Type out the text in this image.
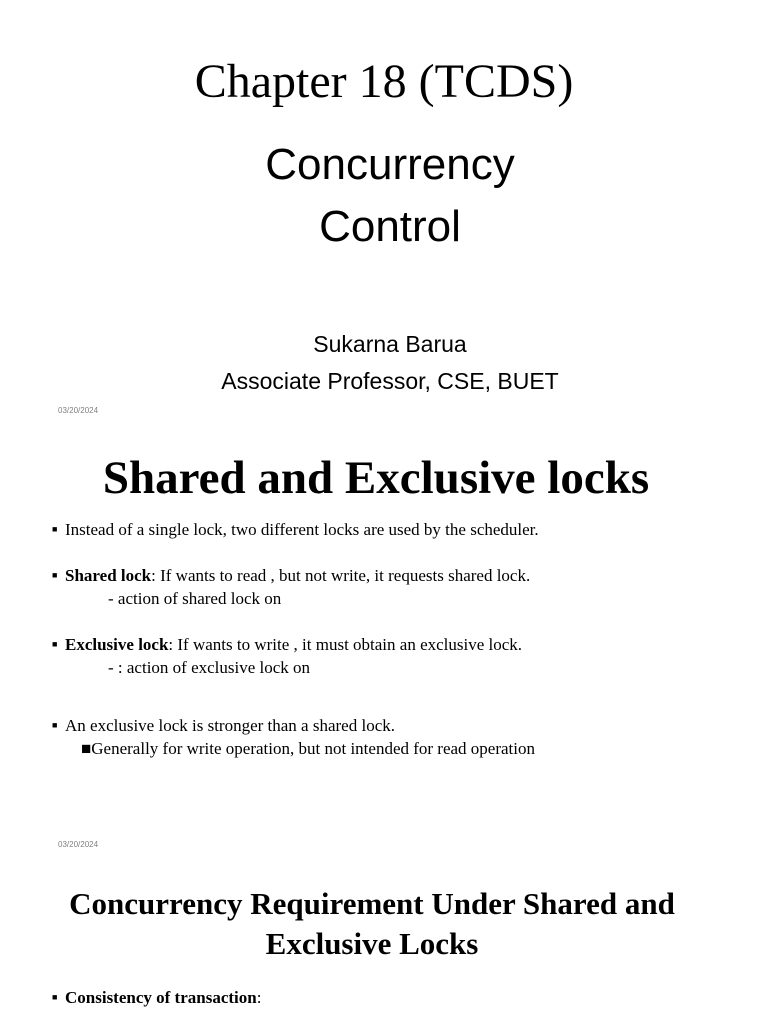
Chapter 18 (TCDS)
Concurrency
Control
Sukarna Barua
Associate Professor, CSE, BUET
03/20/2024
Shared and Exclusive locks
■ Instead of a single lock, two different locks are used by the scheduler.
■ Shared lock: If wants to read , but not write, it requests shared lock.
- action of shared lock on
■ Exclusive lock: If wants to write , it must obtain an exclusive lock.
- : action of exclusive lock on
■ An exclusive lock is stronger than a shared lock.
■Generally for write operation, but not intended for read operation
03/20/2024
Concurrency Requirement Under Shared and
Exclusive Locks
■ Consistency of transaction:
